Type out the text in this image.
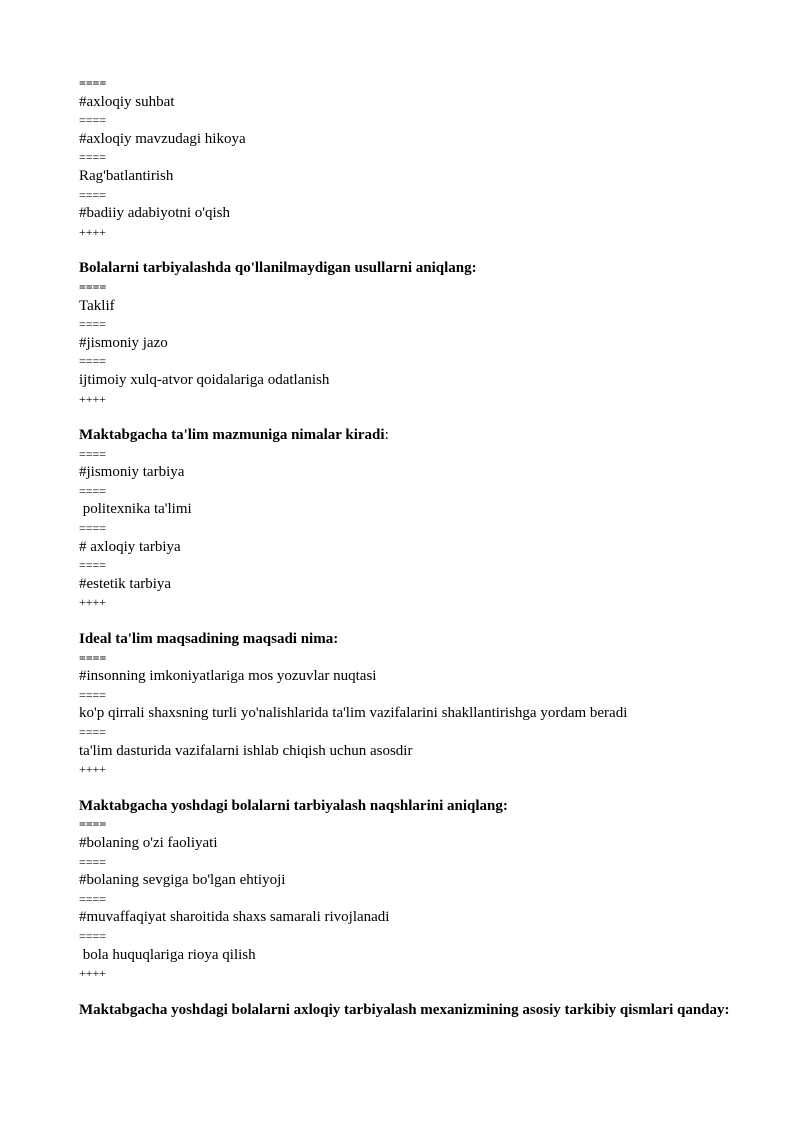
====
#axloqiy suhbat
====
#axloqiy mavzudagi hikoya
====
Rag'batlantirish
====
#badiiy adabiyotni o'qish
++++
Bolalarni tarbiyalashda qo'llanilmaydigan usullarni aniqlang:
====
Taklif
====
#jismoniy jazo
====
ijtimoiy xulq-atvor qoidalariga odatlanish
++++
Maktabgacha ta'lim mazmuniga nimalar kiradi:
====
#jismoniy tarbiya
====
politexnika ta'limi
====
# axloqiy tarbiya
====
#estetik tarbiya
++++
Ideal ta'lim maqsadining maqsadi nima:
====
#insonning imkoniyatlariga mos yozuvlar nuqtasi
====
ko'p qirrali shaxsning turli yo'nalishlarida ta'lim vazifalarini shakllantirishga yordam beradi
====
ta'lim dasturida vazifalarni ishlab chiqish uchun asosdir
++++
Maktabgacha yoshdagi bolalarni tarbiyalash naqshlarini aniqlang:
====
#bolaning o'zi faoliyati
====
#bolaning sevgiga bo'lgan ehtiyoji
====
#muvaffaqiyat sharoitida shaxs samarali rivojlanadi
====
bola huquqlariga rioya qilish
++++
Maktabgacha yoshdagi bolalarni axloqiy tarbiyalash mexanizmining asosiy tarkibiy qismlari qanday:
